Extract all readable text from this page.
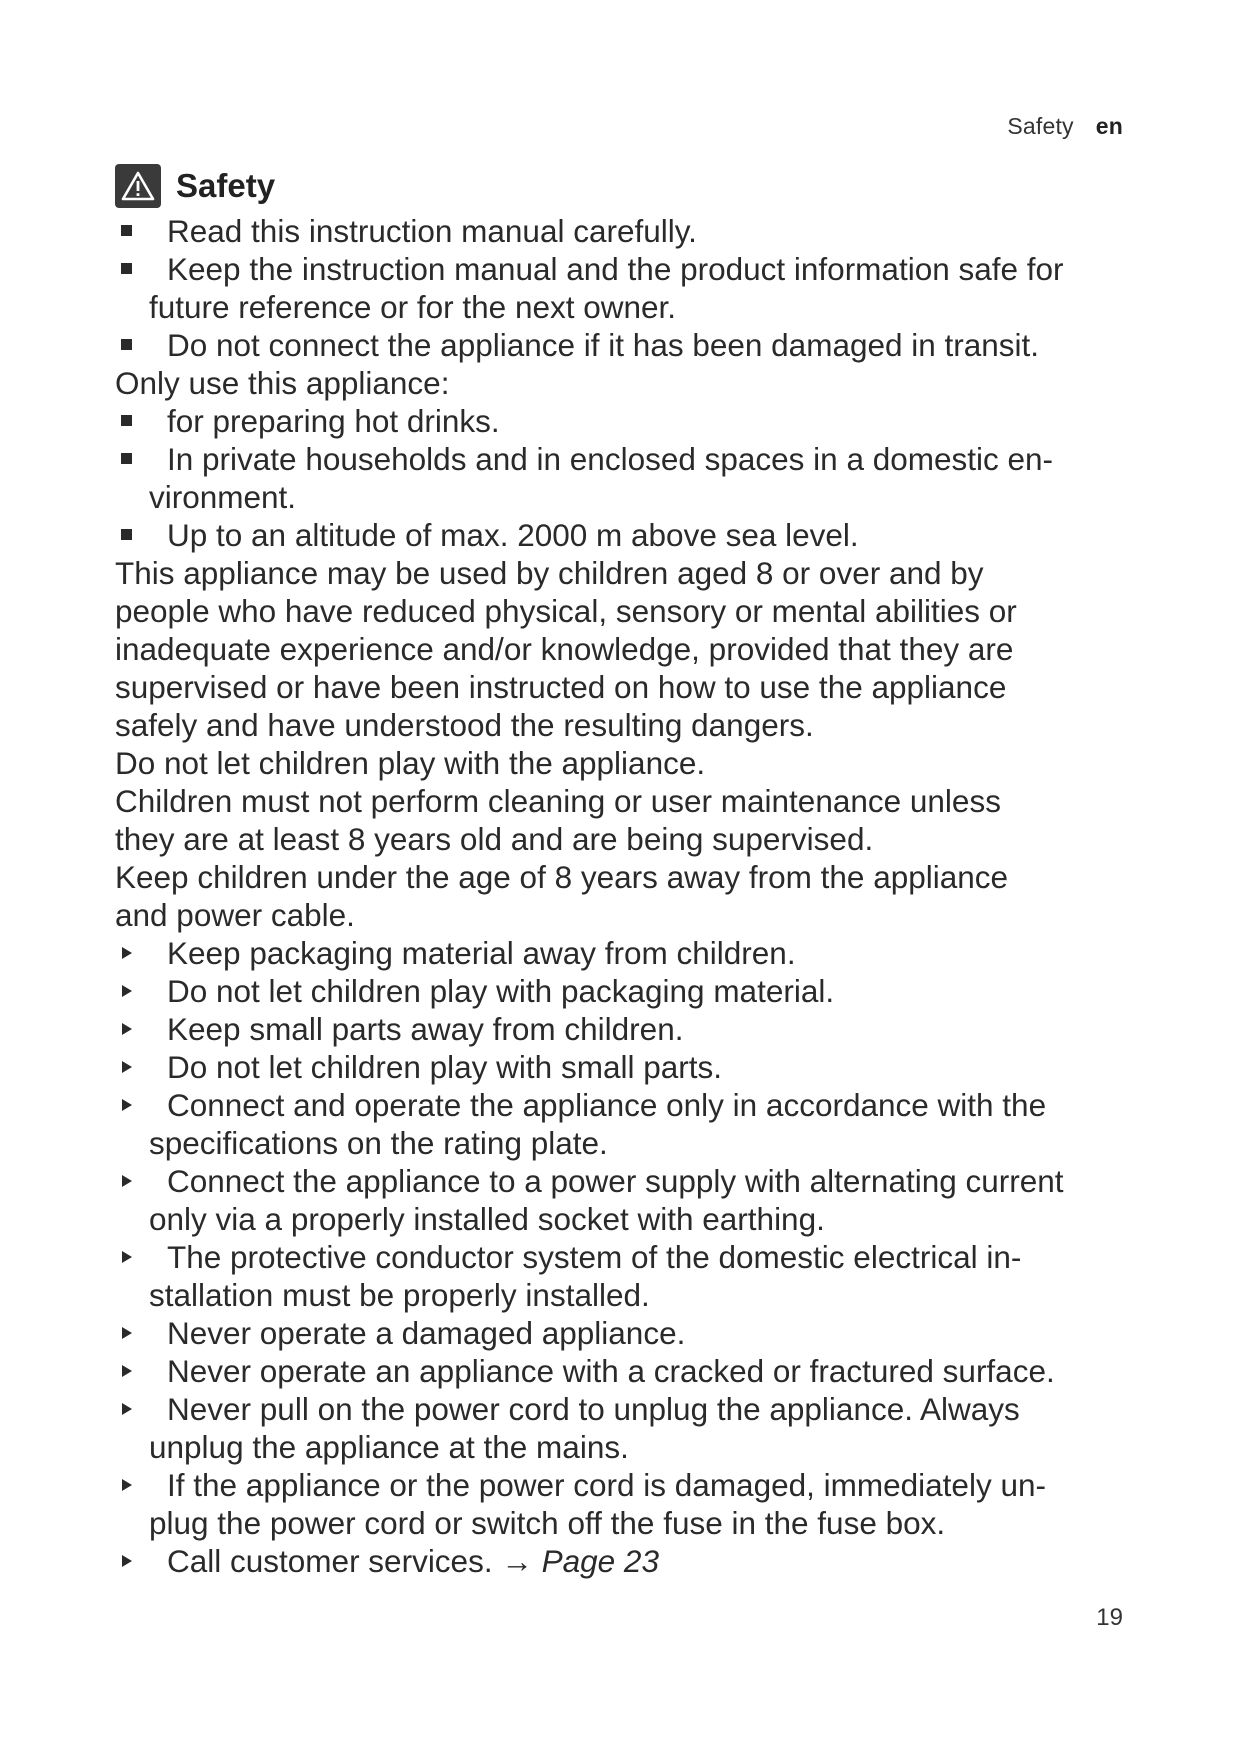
Safety en
Safety
Read this instruction manual carefully.
Keep the instruction manual and the product information safe for
future reference or for the next owner.
Do not connect the appliance if it has been damaged in transit.
Only use this appliance:
for preparing hot drinks.
In private households and in enclosed spaces in a domestic en-
vironment.
Up to an altitude of max. 2000 m above sea level.
This appliance may be used by children aged 8 or over and by
people who have reduced physical, sensory or mental abilities or
inadequate experience and/or knowledge, provided that they are
supervised or have been instructed on how to use the appliance
safely and have understood the resulting dangers.
Do not let children play with the appliance.
Children must not perform cleaning or user maintenance unless
they are at least 8 years old and are being supervised.
Keep children under the age of 8 years away from the appliance
and power cable.
Keep packaging material away from children.
Do not let children play with packaging material.
Keep small parts away from children.
Do not let children play with small parts.
Connect and operate the appliance only in accordance with the
specifications on the rating plate.
Connect the appliance to a power supply with alternating current
only via a properly installed socket with earthing.
The protective conductor system of the domestic electrical in-
stallation must be properly installed.
Never operate a damaged appliance.
Never operate an appliance with a cracked or fractured surface.
Never pull on the power cord to unplug the appliance. Always
unplug the appliance at the mains.
If the appliance or the power cord is damaged, immediately un-
plug the power cord or switch off the fuse in the fuse box.
Call customer services. → Page 23
19
